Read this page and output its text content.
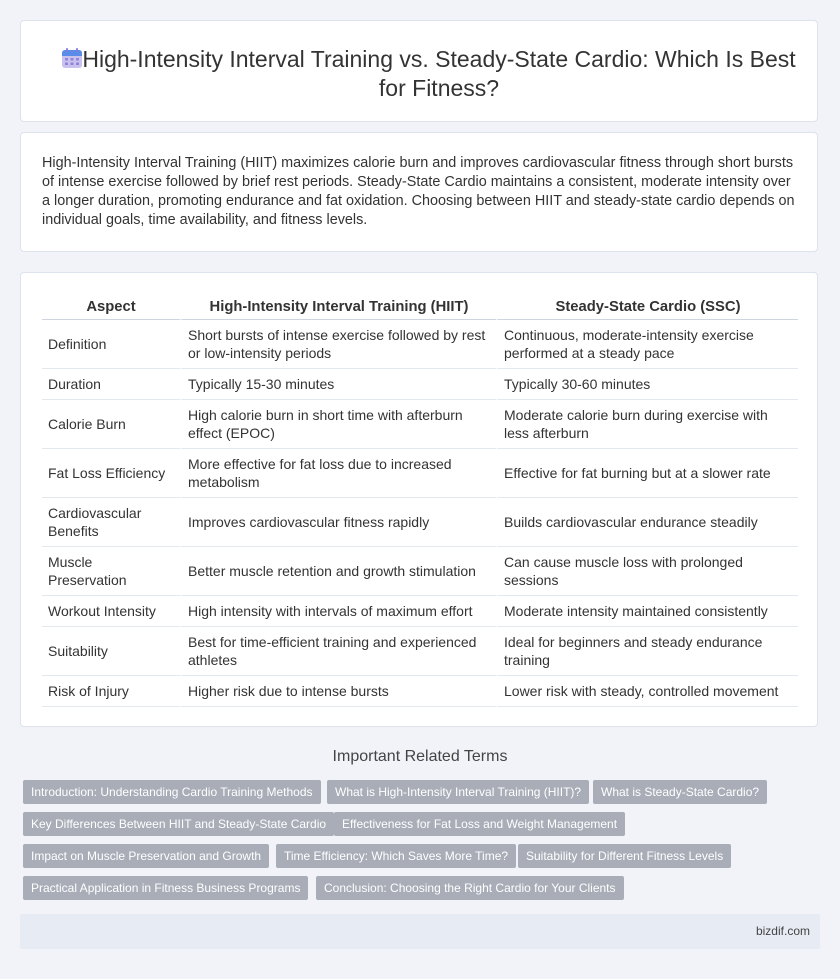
High-Intensity Interval Training vs. Steady-State Cardio: Which Is Best for Fitness?

High-Intensity Interval Training (HIIT) maximizes calorie burn and improves cardiovascular fitness through short bursts of intense exercise followed by brief rest periods. Steady-State Cardio maintains a consistent, moderate intensity over a longer duration, promoting endurance and fat oxidation. Choosing between HIIT and steady-state cardio depends on individual goals, time availability, and fitness levels.

Aspect	High-Intensity Interval Training (HIIT)	Steady-State Cardio (SSC)
Definition	Short bursts of intense exercise followed by rest or low-intensity periods	Continuous, moderate-intensity exercise performed at a steady pace
Duration	Typically 15-30 minutes	Typically 30-60 minutes
Calorie Burn	High calorie burn in short time with afterburn effect (EPOC)	Moderate calorie burn during exercise with less afterburn
Fat Loss Efficiency	More effective for fat loss due to increased metabolism	Effective for fat burning but at a slower rate
Cardiovascular Benefits	Improves cardiovascular fitness rapidly	Builds cardiovascular endurance steadily
Muscle Preservation	Better muscle retention and growth stimulation	Can cause muscle loss with prolonged sessions
Workout Intensity	High intensity with intervals of maximum effort	Moderate intensity maintained consistently
Suitability	Best for time-efficient training and experienced athletes	Ideal for beginners and steady endurance training
Risk of Injury	Higher risk due to intense bursts	Lower risk with steady, controlled movement
Important Related Terms
Introduction: Understanding Cardio Training Methods	What is High-Intensity Interval Training (HIIT)?	What is Steady-State Cardio?
Key Differences Between HIIT and Steady-State Cardio	Effectiveness for Fat Loss and Weight Management
Impact on Muscle Preservation and Growth	Time Efficiency: Which Saves More Time?	Suitability for Different Fitness Levels
Practical Application in Fitness Business Programs	Conclusion: Choosing the Right Cardio for Your Clients
bizdif.com
